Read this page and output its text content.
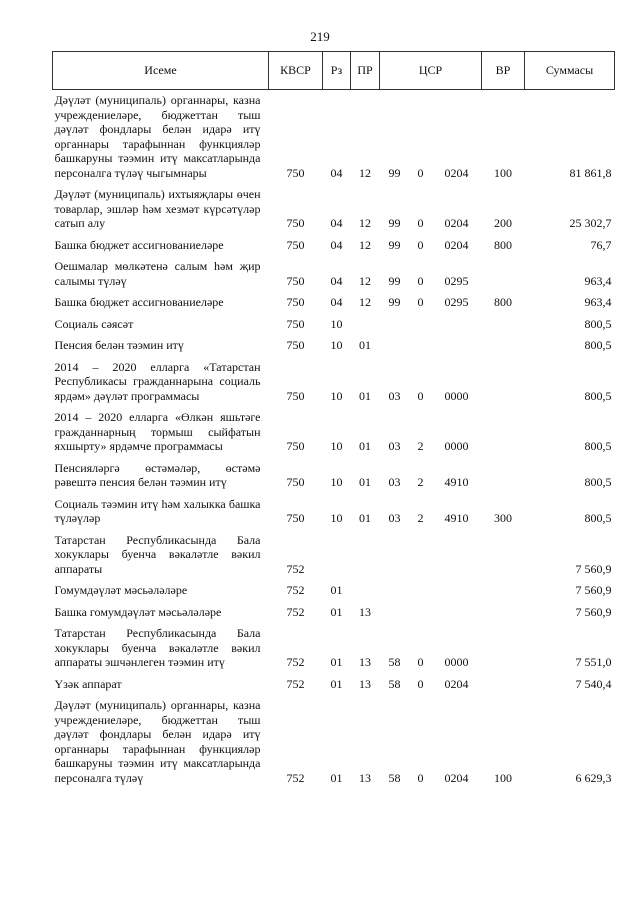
219
Исеме	КВСР	Рз	ПР	ЦСР			ВР	Суммасы
Дәүләт (муниципаль) органнары, казна учреждениеләре, бюджеттан тыш дәүләт фондлары белән идарә итү органнары тарафыннан функцияләр башкаруны тәэмин итү максатларында персоналга түләү чыгымнары	750	04	12	99	0	0204	100	81 861,8
Дәүләт (муниципаль) ихтыяҗлары өчен товарлар, эшләр һәм хезмәт күрсәтүләр сатып алу	750	04	12	99	0	0204	200	25 302,7
Башка бюджет ассигнованиеләре	750	04	12	99	0	0204	800	76,7
Оешмалар мөлкәтенә салым һәм җир салымы түләү	750	04	12	99	0	0295		963,4
Башка бюджет ассигнованиеләре	750	04	12	99	0	0295	800	963,4
Социаль сәясәт	750	10						800,5
Пенсия белән тәэмин итү	750	10	01					800,5
2014 – 2020 елларга «Татарстан Республикасы гражданнарына социаль ярдәм» дәүләт программасы	750	10	01	03	0	0000		800,5
2014 – 2020 елларга «Өлкән яшьтәге гражданнарның тормыш сыйфатын яхшырту» ярдәмче программасы	750	10	01	03	2	0000		800,5
Пенсияләргә өстәмәләр, өстәмә рәвештә пенсия белән тәэмин итү	750	10	01	03	2	4910		800,5
Социаль тәэмин итү һәм халыкка башка түләүләр	750	10	01	03	2	4910	300	800,5
Татарстан Республикасында Бала хокуклары буенча вәкаләтле вәкил аппараты	752							7 560,9
Гомумдәүләт мәсьәләләре	752	01						7 560,9
Башка гомумдәүләт мәсьәләләре	752	01	13					7 560,9
Татарстан Республикасында Бала хокуклары буенча вәкаләтле вәкил аппараты эшчәнлеген тәэмин итү	752	01	13	58	0	0000		7 551,0
Үзәк аппарат	752	01	13	58	0	0204		7 540,4
Дәүләт (муниципаль) органнары, казна учреждениеләре, бюджеттан тыш дәүләт фондлары белән идарә итү органнары тарафыннан функцияләр башкаруны тәэмин итү максатларында персоналга түләү	752	01	13	58	0	0204	100	6 629,3
